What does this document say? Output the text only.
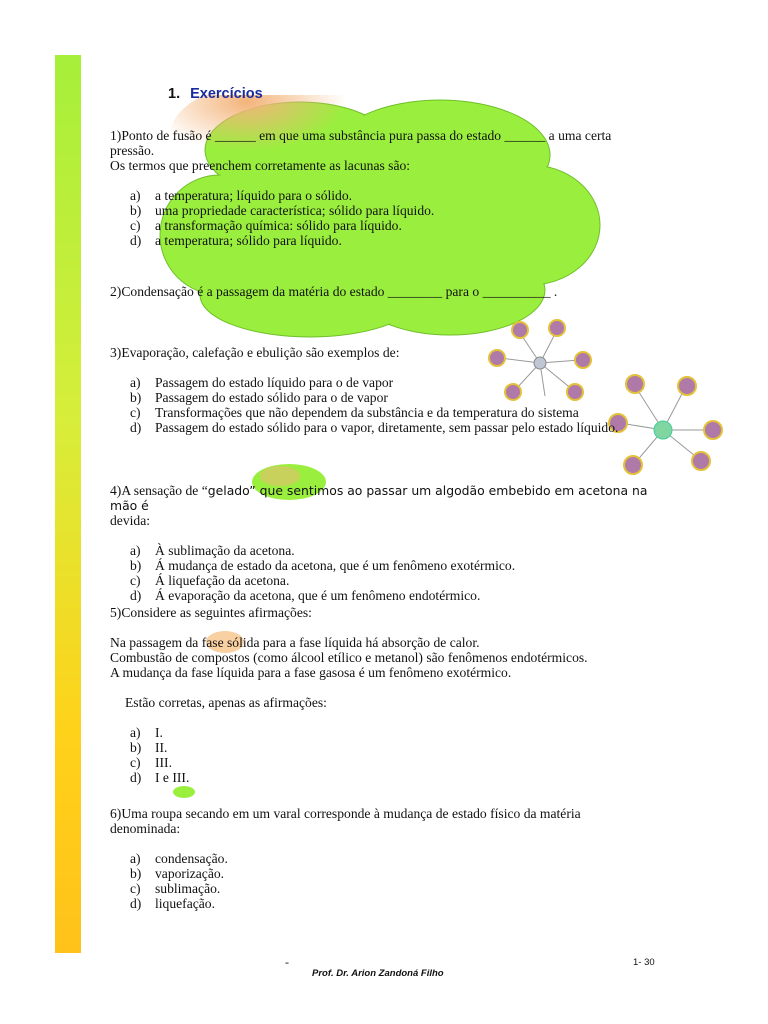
1. Exercícios

1)Ponto de fusão é ______ em que uma substância pura passa do estado ______ a uma certa

pressão.

Os termos que preenchem corretamente as lacunas são:

a) a temperatura; líquido para o sólido.
b) uma propriedade característica; sólido para líquido.
c) a transformação química: sólido para líquido.
d) a temperatura; sólido para líquido.

2)Condensação é a passagem da matéria do estado ________ para o __________ .

3)Evaporação, calefação e ebulição são exemplos de:

a) Passagem do estado líquido para o de vapor
b) Passagem do estado sólido para o de vapor
c) Transformações que não dependem da substância e da temperatura do sistema
d) Passagem do estado sólido para o vapor, diretamente, sem passar pelo estado líquido.

4)A sensação de “gelado” que sentimos ao passar um algodão embebido em acetona na mão é

devida:

a) À sublimação da acetona.
b) Á mudança de estado da acetona, que é um fenômeno exotérmico.
c) Á liquefação da acetona.
d) Á evaporação da acetona, que é um fenômeno endotérmico.

5)Considere as seguintes afirmações:

Na passagem da fase sólida para a fase líquida há absorção de calor.

Combustão de compostos (como álcool etílico e metanol) são fenômenos endotérmicos.

A mudança da fase líquida para a fase gasosa é um fenômeno exotérmico.

Estão corretas, apenas as afirmações:

a) I.
b) II.
c) III.
d) I e III.

6)Uma roupa secando em um varal corresponde à mudança de estado físico da matéria

denominada:

a) condensação.
b) vaporização.
c) sublimação.
d) liquefação.
-	1- 30
Prof. Dr. Arion Zandoná Filho
